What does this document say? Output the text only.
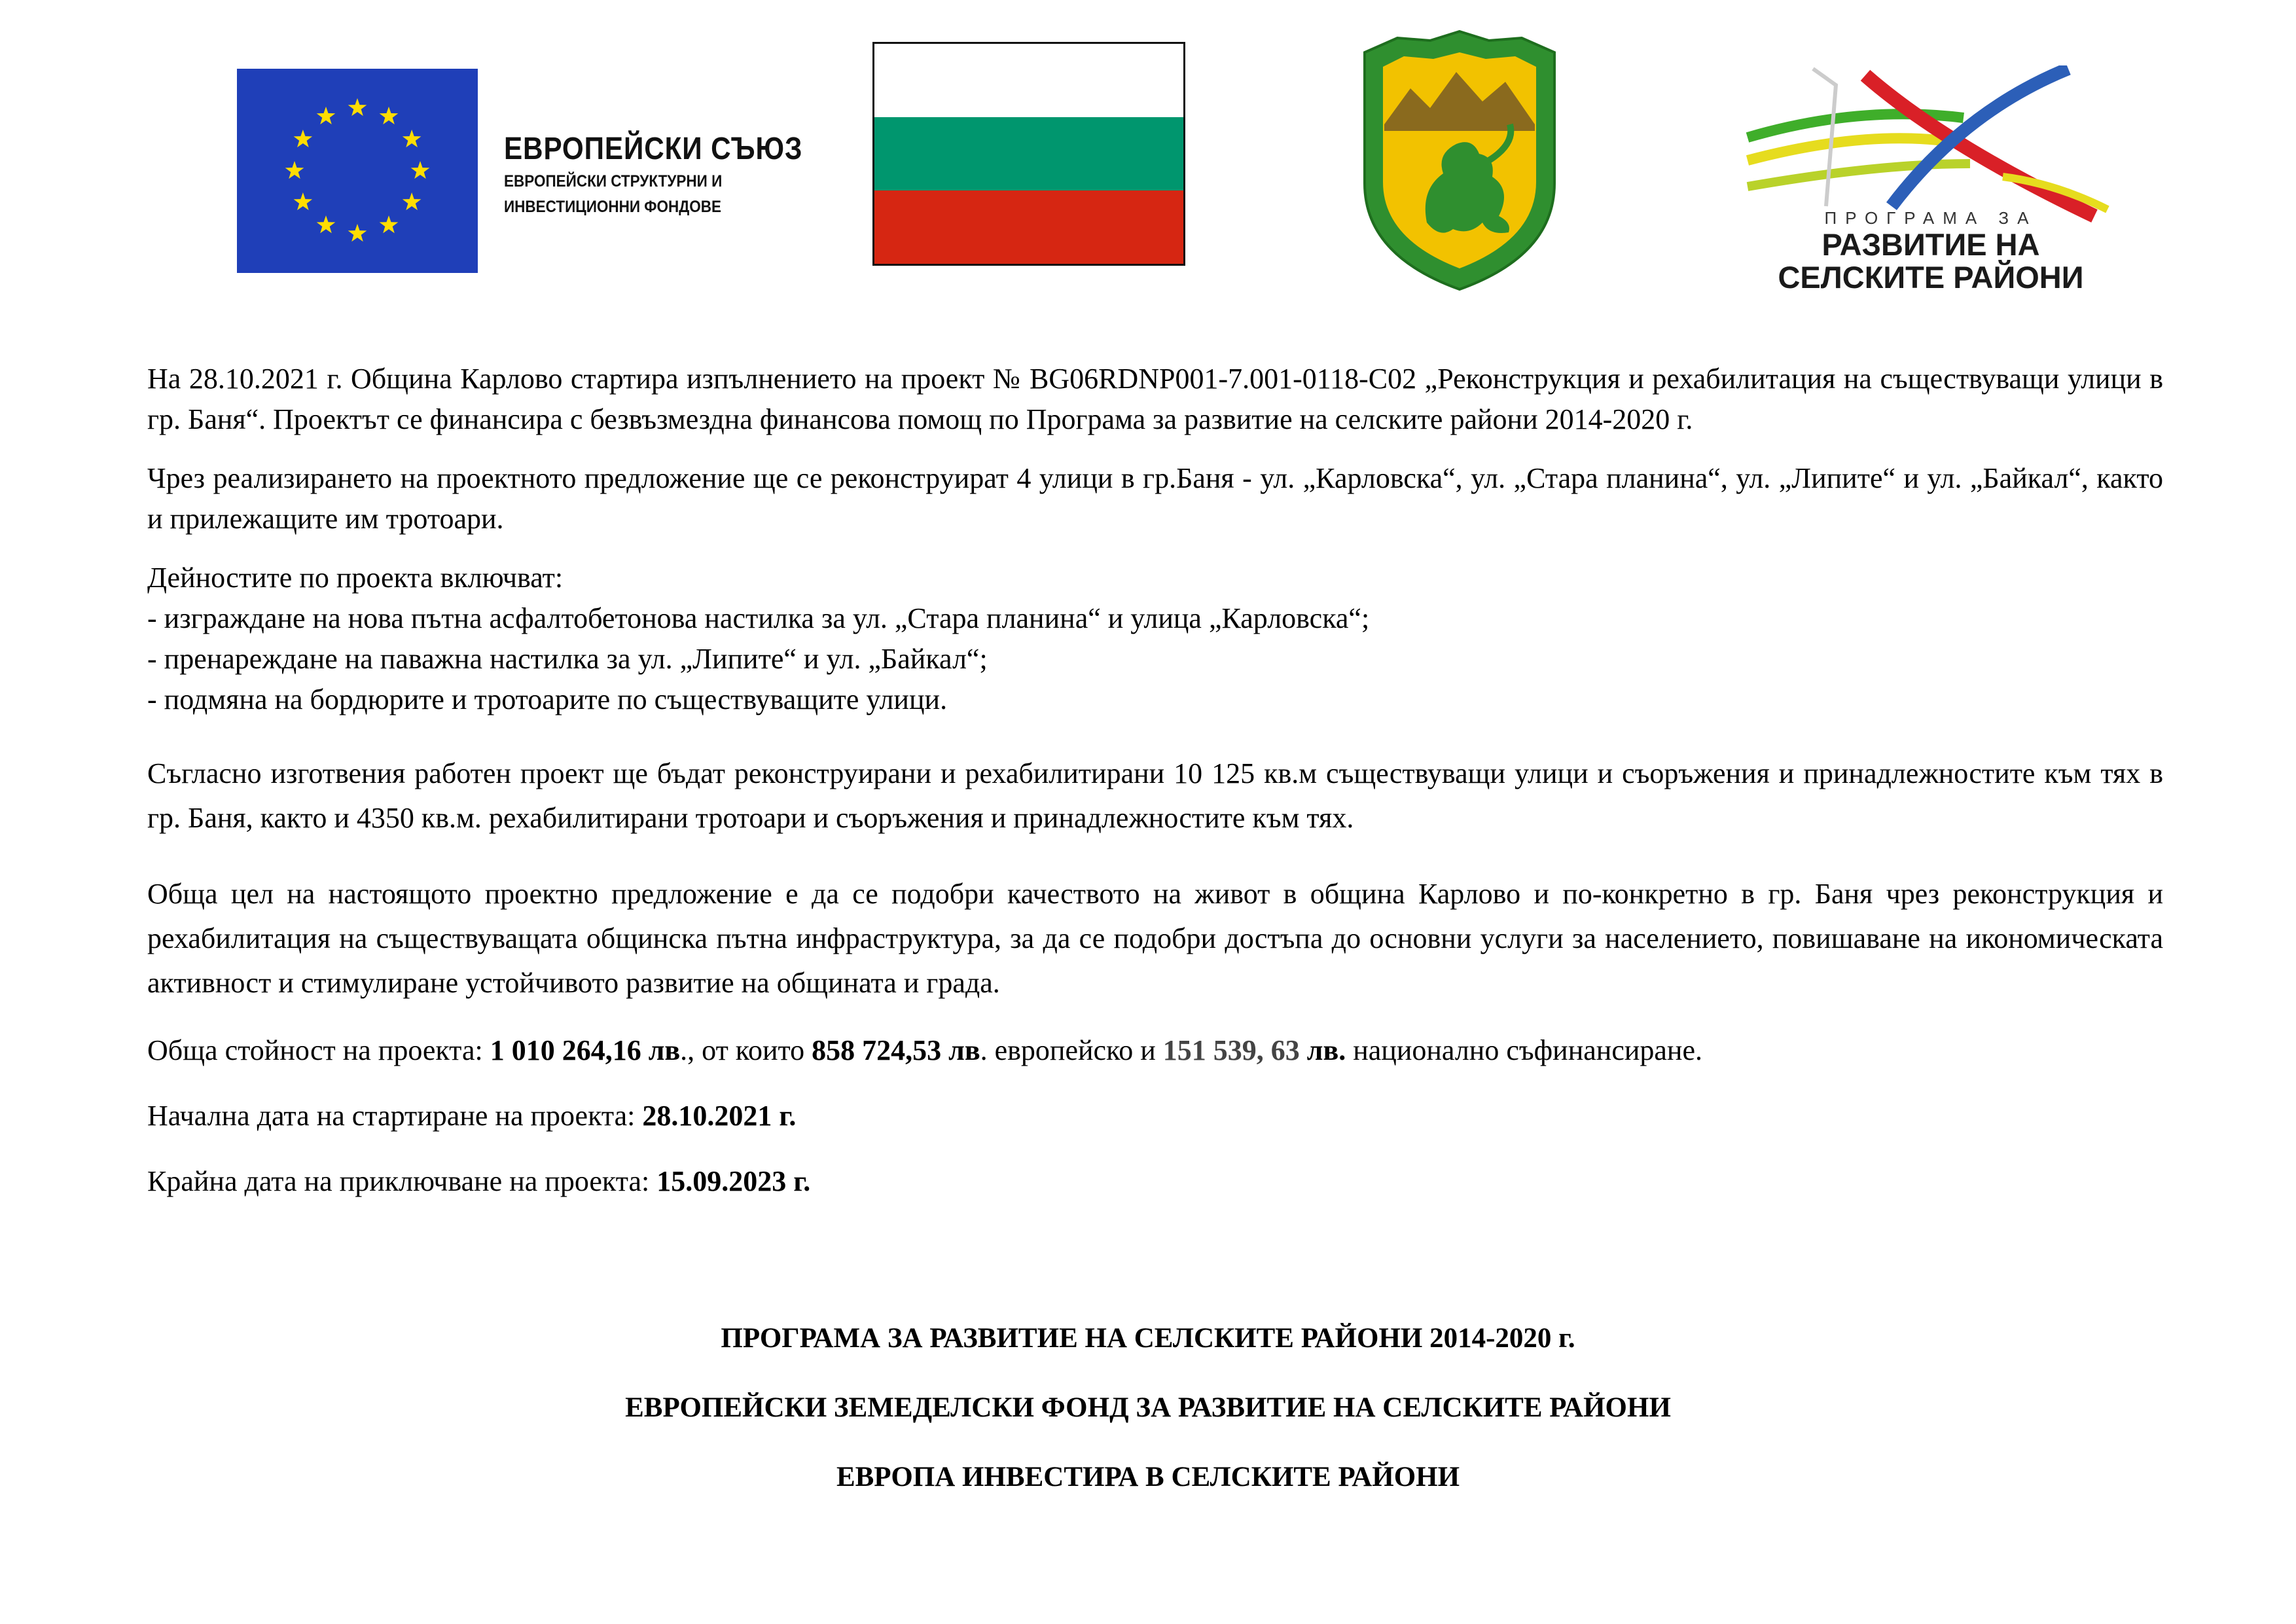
ЕВРОПЕЙСКИ СЪЮЗ
ЕВРОПЕЙСКИ СТРУКТУРНИ И
ИНВЕСТИЦИОННИ ФОНДОВЕ
ПРОГРАМА ЗА
РАЗВИТИЕ НА
СЕЛСКИТЕ РАЙОНИ

На 28.10.2021 г. Община Карлово стартира изпълнението на проект № BG06RDNP001-7.001-0118-C02 „Реконструкция и рехабилитация на съществуващи улици в гр. Баня“. Проектът се финансира с безвъзмездна финансова помощ по Програма за развитие на селските райони 2014-2020 г.

Чрез реализирането на проектното предложение ще се реконструират 4 улици в гр.Баня - ул. „Карловска“, ул. „Стара планина“, ул. „Липите“ и ул. „Байкал“, както и прилежащите им тротоари.

Дейностите по проекта включват:

- изграждане на нова пътна асфалтобетонова настилка за ул. „Стара планина“ и улица „Карловска“;
- пренареждане на паважна настилка за ул. „Липите“ и ул. „Байкал“;
- подмяна на бордюрите и тротоарите по съществуващите улици.

Съгласно изготвения работен проект ще бъдат реконструирани и рехабилитирани 10 125 кв.м съществуващи улици и съоръжения и принадлежностите към тях в гр. Баня, както и 4350 кв.м. рехабилитирани тротоари и съоръжения и принадлежностите към тях.

Обща цел на настоящото проектно предложение е да се подобри качеството на живот в община Карлово и по-конкретно в гр. Баня чрез реконструкция и рехабилитация на съществуващата общинска пътна инфраструктура, за да се подобри достъпа до основни услуги за населението, повишаване на икономическата активност и стимулиране устойчивото развитие на общината и града.

Обща стойност на проекта: 1 010 264,16 лв., от които 858 724,53 лв. европейско и 151 539, 63 лв. национално съфинансиране.

Начална дата на стартиране на проекта: 28.10.2021 г.

Крайна дата на приключване на проекта: 15.09.2023 г.

ПРОГРАМА ЗА РАЗВИТИЕ НА СЕЛСКИТЕ РАЙОНИ 2014-2020 г.
ЕВРОПЕЙСКИ ЗЕМЕДЕЛСКИ ФОНД ЗА РАЗВИТИЕ НА СЕЛСКИТЕ РАЙОНИ
ЕВРОПА ИНВЕСТИРА В СЕЛСКИТЕ РАЙОНИ
